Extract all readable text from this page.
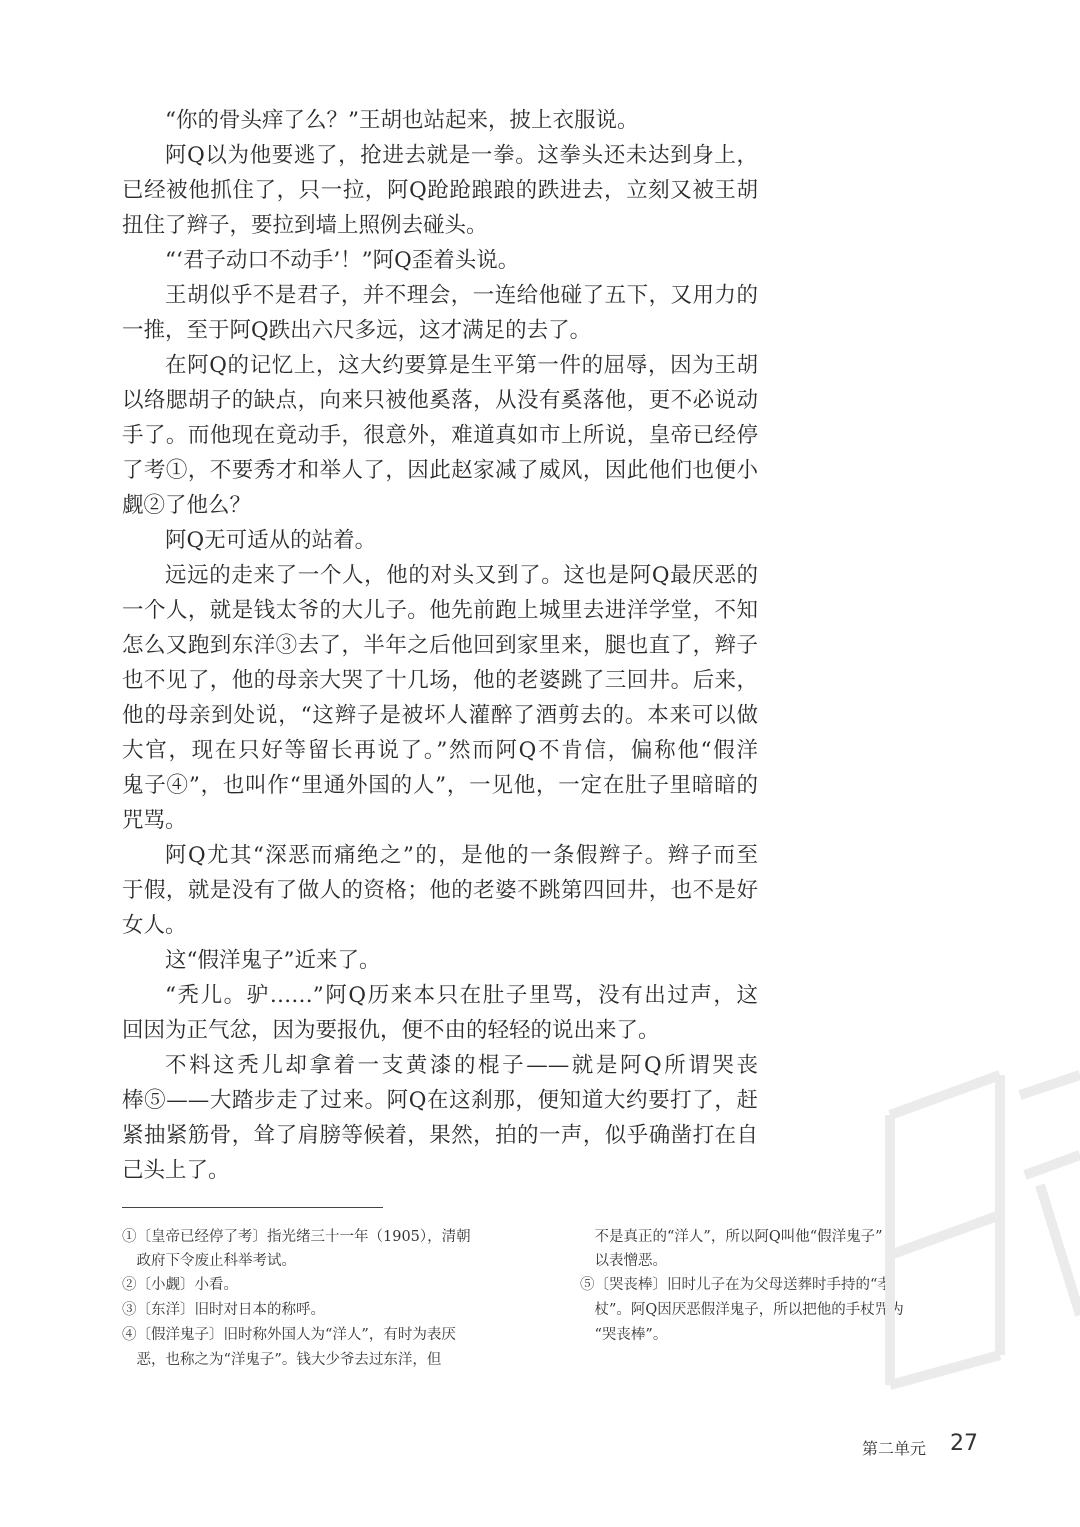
“你的骨头痒了么？”王胡也站起来，披上衣服说。
阿Q以为他要逃了，抢进去就是一拳。这拳头还未达到身上，
已经被他抓住了，只一拉，阿Q跄跄踉踉的跌进去，立刻又被王胡
扭住了辫子，要拉到墙上照例去碰头。
“‘君子动口不动手’！”阿Q歪着头说。
王胡似乎不是君子，并不理会，一连给他碰了五下，又用力的
一推，至于阿Q跌出六尺多远，这才满足的去了。
在阿Q的记忆上，这大约要算是生平第一件的屈辱，因为王胡
以络腮胡子的缺点，向来只被他奚落，从没有奚落他，更不必说动
手了。而他现在竟动手，很意外，难道真如市上所说，皇帝已经停
了考①，不要秀才和举人了，因此赵家减了威风，因此他们也便小
觑②了他么？
阿Q无可适从的站着。
远远的走来了一个人，他的对头又到了。这也是阿Q最厌恶的
一个人，就是钱太爷的大儿子。他先前跑上城里去进洋学堂，不知
怎么又跑到东洋③去了，半年之后他回到家里来，腿也直了，辫子
也不见了，他的母亲大哭了十几场，他的老婆跳了三回井。后来，
他的母亲到处说，“这辫子是被坏人灌醉了酒剪去的。本来可以做
大官，现在只好等留长再说了。”然而阿Q不肯信，偏称他“假洋
鬼子④”，也叫作“里通外国的人”，一见他，一定在肚子里暗暗的
咒骂。
阿Q尤其“深恶而痛绝之”的，是他的一条假辫子。辫子而至
于假，就是没有了做人的资格；他的老婆不跳第四回井，也不是好
女人。
这“假洋鬼子”近来了。
“秃儿。驴……”阿Q历来本只在肚子里骂，没有出过声，这
回因为正气忿，因为要报仇，便不由的轻轻的说出来了。
不料这秃儿却拿着一支黄漆的棍子——就是阿Q所谓哭丧
棒⑤——大踏步走了过来。阿Q在这刹那，便知道大约要打了，赶
紧抽紧筋骨，耸了肩膀等候着，果然，拍的一声，似乎确凿打在自
己头上了。
①〔皇帝已经停了考〕指光绪三十一年（1905），清朝
　政府下令废止科举考试。
②〔小觑〕小看。
③〔东洋〕旧时对日本的称呼。
④〔假洋鬼子〕旧时称外国人为“洋人”，有时为表厌
　恶，也称之为“洋鬼子”。钱大少爷去过东洋，但
　不是真正的“洋人”，所以阿Q叫他“假洋鬼子”
　以表憎恶。
⑤〔哭丧棒〕旧时儿子在为父母送葬时手持的“孝
　杖”。阿Q因厌恶假洋鬼子，所以把他的手杖咒为
　“哭丧棒”。
第二单元 27
